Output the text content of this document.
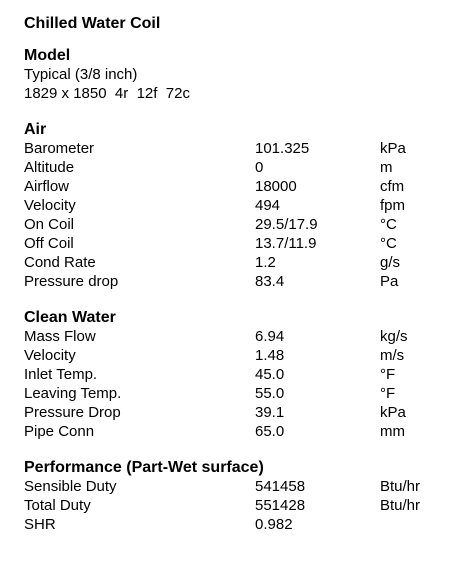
Chilled Water Coil
Model
Typical (3/8 inch)
1829 x 1850  4r  12f  72c
Air
Barometer	101.325	kPa
Altitude	0	m
Airflow	18000	cfm
Velocity	494	fpm
On Coil	29.5/17.9	°C
Off Coil	13.7/11.9	°C
Cond Rate	1.2	g/s
Pressure drop	83.4	Pa
Clean Water
Mass Flow	6.94	kg/s
Velocity	1.48	m/s
Inlet Temp.	45.0	°F
Leaving Temp.	55.0	°F
Pressure Drop	39.1	kPa
Pipe Conn	65.0	mm
Performance (Part-Wet surface)
Sensible Duty	541458	Btu/hr
Total Duty	551428	Btu/hr
SHR	0.982
